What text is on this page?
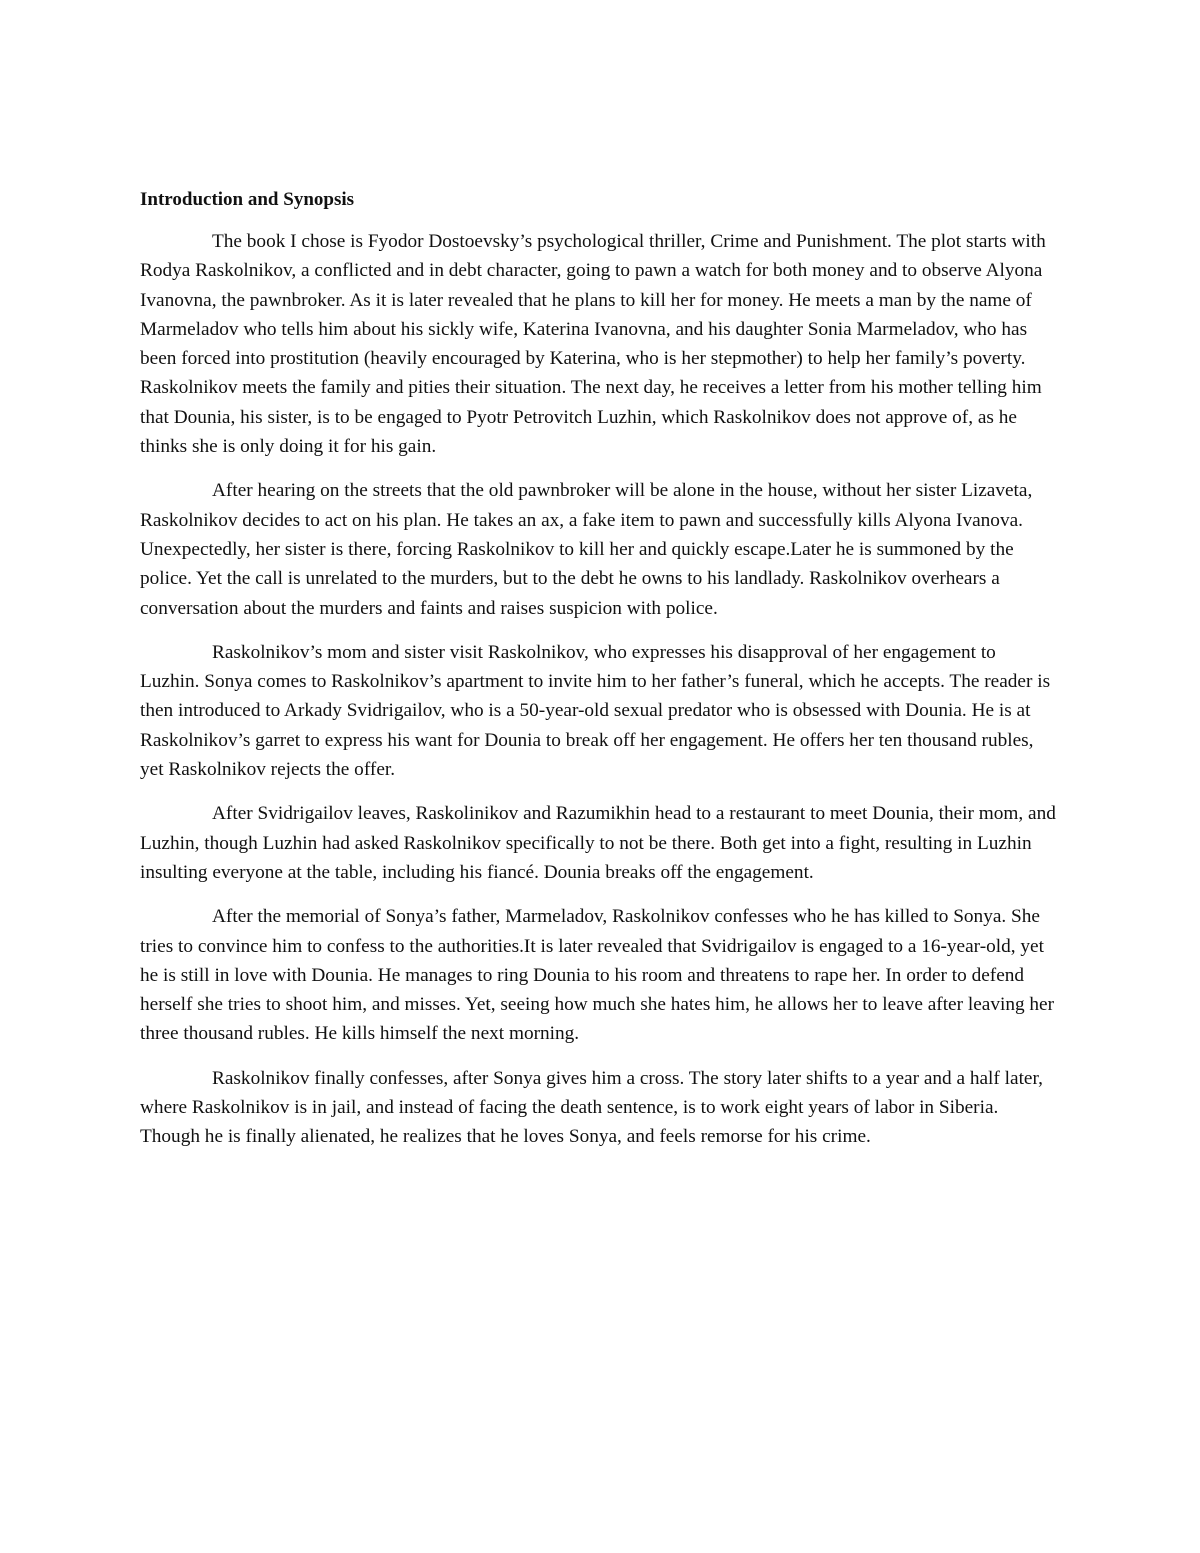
Introduction and Synopsis

The book I chose is Fyodor Dostoevsky’s psychological thriller, Crime and Punishment. The plot starts with Rodya Raskolnikov, a conflicted and in debt character, going to pawn a watch for both money and to observe Alyona Ivanovna, the pawnbroker. As it is later revealed that he plans to kill her for money. He meets a man by the name of Marmeladov who tells him about his sickly wife, Katerina Ivanovna, and his daughter Sonia Marmeladov, who has been forced into prostitution (heavily encouraged by Katerina, who is her stepmother) to help her family’s poverty. Raskolnikov meets the family and pities their situation. The next day, he receives a letter from his mother telling him that Dounia, his sister, is to be engaged to Pyotr Petrovitch Luzhin, which Raskolnikov does not approve of, as he thinks she is only doing it for his gain.

After hearing on the streets that the old pawnbroker will be alone in the house, without her sister Lizaveta, Raskolnikov decides to act on his plan. He takes an ax, a fake item to pawn and successfully kills Alyona Ivanova. Unexpectedly, her sister is there, forcing Raskolnikov to kill her and quickly escape.Later he is summoned by the police. Yet the call is unrelated to the murders, but to the debt he owns to his landlady. Raskolnikov overhears a conversation about the murders and faints and raises suspicion with police.

Raskolnikov’s mom and sister visit Raskolnikov, who expresses his disapproval of her engagement to Luzhin. Sonya comes to Raskolnikov’s apartment to invite him to her father’s funeral, which he accepts. The reader is then introduced to Arkady Svidrigailov, who is a 50-year-old sexual predator who is obsessed with Dounia. He is at Raskolnikov’s garret to express his want for Dounia to break off her engagement. He offers her ten thousand rubles, yet Raskolnikov rejects the offer.

After Svidrigailov leaves, Raskolinikov and Razumikhin head to a restaurant to meet Dounia, their mom, and Luzhin, though Luzhin had asked Raskolnikov specifically to not be there. Both get into a fight, resulting in Luzhin insulting everyone at the table, including his fiancé. Dounia breaks off the engagement.

After the memorial of Sonya’s father, Marmeladov, Raskolnikov confesses who he has killed to Sonya. She tries to convince him to confess to the authorities.It is later revealed that Svidrigailov is engaged to a 16-year-old, yet he is still in love with Dounia. He manages to ring Dounia to his room and threatens to rape her. In order to defend herself she tries to shoot him, and misses. Yet, seeing how much she hates him, he allows her to leave after leaving her three thousand rubles. He kills himself the next morning.

Raskolnikov finally confesses, after Sonya gives him a cross. The story later shifts to a year and a half later, where Raskolnikov is in jail, and instead of facing the death sentence, is to work eight years of labor in Siberia. Though he is finally alienated, he realizes that he loves Sonya, and feels remorse for his crime.
